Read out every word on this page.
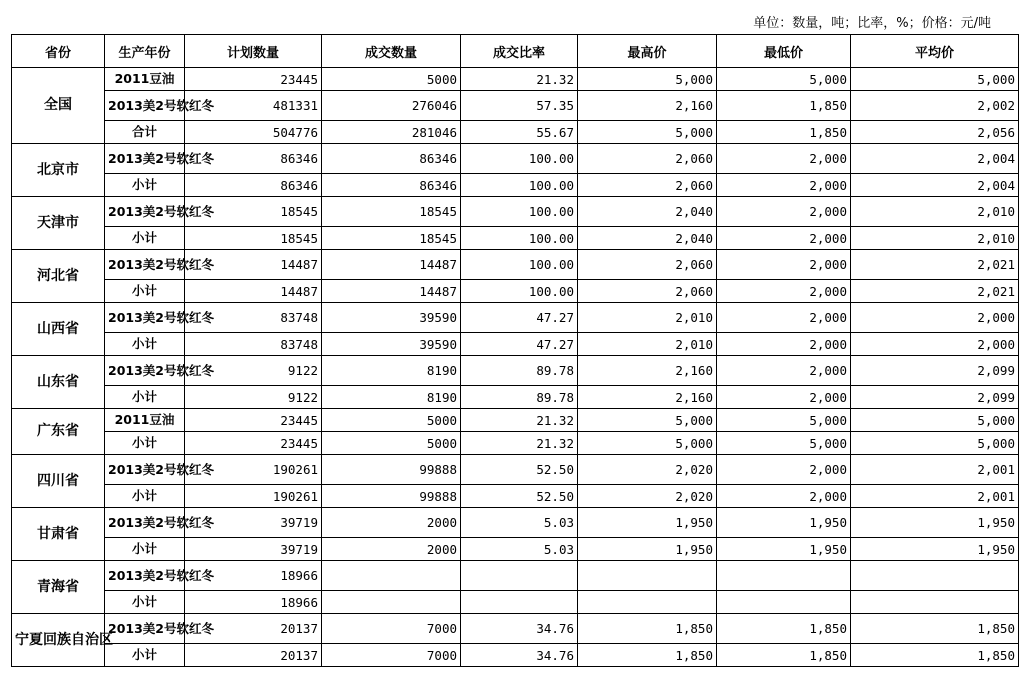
单位：数量，吨；比率，%；价格：元/吨
省份	生产年份	计划数量	成交数量	成交比率	最高价	最低价	平均价
全国	2011豆油	23445	5000	21.32	5,000	5,000	5,000
	2013美2号软红冬	481331	276046	57.35	2,160	1,850	2,002
	合计	504776	281046	55.67	5,000	1,850	2,056
北京市	2013美2号软红冬	86346	86346	100.00	2,060	2,000	2,004
	小计	86346	86346	100.00	2,060	2,000	2,004
天津市	2013美2号软红冬	18545	18545	100.00	2,040	2,000	2,010
	小计	18545	18545	100.00	2,040	2,000	2,010
河北省	2013美2号软红冬	14487	14487	100.00	2,060	2,000	2,021
	小计	14487	14487	100.00	2,060	2,000	2,021
山西省	2013美2号软红冬	83748	39590	47.27	2,010	2,000	2,000
	小计	83748	39590	47.27	2,010	2,000	2,000
山东省	2013美2号软红冬	9122	8190	89.78	2,160	2,000	2,099
	小计	9122	8190	89.78	2,160	2,000	2,099
广东省	2011豆油	23445	5000	21.32	5,000	5,000	5,000
	小计	23445	5000	21.32	5,000	5,000	5,000
四川省	2013美2号软红冬	190261	99888	52.50	2,020	2,000	2,001
	小计	190261	99888	52.50	2,020	2,000	2,001
甘肃省	2013美2号软红冬	39719	2000	5.03	1,950	1,950	1,950
	小计	39719	2000	5.03	1,950	1,950	1,950
青海省	2013美2号软红冬	18966					
	小计	18966					
宁夏回族自治区	2013美2号软红冬	20137	7000	34.76	1,850	1,850	1,850
	小计	20137	7000	34.76	1,850	1,850	1,850
